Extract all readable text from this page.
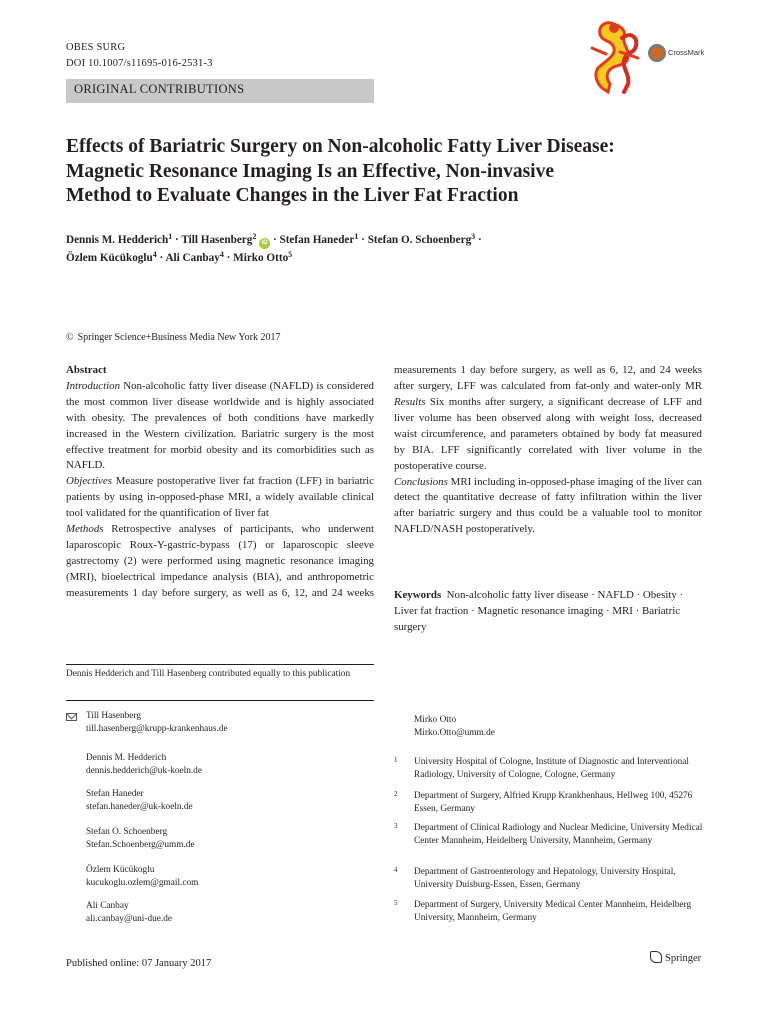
OBES SURG
DOI 10.1007/s11695-016-2531-3
ORIGINAL CONTRIBUTIONS
CrossMark
Effects of Bariatric Surgery on Non-alcoholic Fatty Liver Disease:
Magnetic Resonance Imaging Is an Effective, Non-invasive
Method to Evaluate Changes in the Liver Fat Fraction
Dennis M. Hedderich$^1$ · Till Hasenberg$^2$ iD · Stefan Haneder$^1$ · Stefan O. Schoenberg$^3$ ·
Özlem Kücükoglu$^4$ · Ali Canbay$^4$ · Mirko Otto$^5$
© Springer Science+Business Media New York 2017
Abstract
Introduction Non-alcoholic fatty liver disease (NAFLD) is considered the most common liver disease worldwide and is highly associated with obesity. The prevalences of both conditions have markedly increased in the Western civilization. Bariatric surgery is the most effective treatment for morbid obesity and its comorbidities such as NAFLD.
Objectives Measure postoperative liver fat fraction (LFF) in bariatric patients by using in-opposed-phase MRI, a widely available clinical tool validated for the quantification of liver fat
Methods Retrospective analyses of participants, who underwent laparoscopic Roux-Y-gastric-bypass (17) or laparoscopic sleeve gastrectomy (2) were performed using magnetic resonance imaging (MRI), bioelectrical impedance analysis (BIA), and anthropometric measurements 1 day before surgery, as well as 6, 12, and 24 weeks
measurements 1 day before surgery, as well as 6, 12, and 24 weeks after surgery, LFF was calculated from fat-only and water-only MR
Results Six months after surgery, a significant decrease of LFF and liver volume has been observed along with weight loss, decreased waist circumference, and parameters obtained by body fat measured by BIA. LFF significantly correlated with liver volume in the postoperative course.
Conclusions MRI including in-opposed-phase imaging of the liver can detect the quantitative decrease of fatty infiltration within the liver after bariatric surgery and thus could be a valuable tool to monitor NAFLD/NASH postoperatively.
Keywords Non-alcoholic fatty liver disease · NAFLD · Obesity · Liver fat fraction · Magnetic resonance imaging · MRI · Bariatric surgery
Dennis Hedderich and Till Hasenberg contributed equally to this publication
Till Hasenberg
till.hasenberg@krupp-krankenhaus.de
Dennis M. Hedderich
dennis.hedderich@uk-koeln.de
Stefan Haneder
stefan.haneder@uk-koeln.de
Stefan O. Schoenberg
Stefan.Schoenberg@umm.de
Özlem Kücükoglu
kucukoglu.ozlem@gmail.com
Ali Canbay
ali.canbay@uni-due.de
Mirko Otto
Mirko.Otto@umm.de
1 University Hospital of Cologne, Institute of Diagnostic and Interventional Radiology, University of Cologne, Cologne, Germany
2 Department of Surgery, Alfried Krupp Krankhenhaus, Hellweg 100, 45276 Essen, Germany
3 Department of Clinical Radiology and Nuclear Medicine, University Medical Center Mannheim, Heidelberg University, Mannheim, Germany
4 Department of Gastroenterology and Hepatology, University Hospital, University Duisburg-Essen, Essen, Germany
5 Department of Surgery, University Medical Center Mannheim, Heidelberg University, Mannheim, Germany
Published online: 07 January 2017	Springer
